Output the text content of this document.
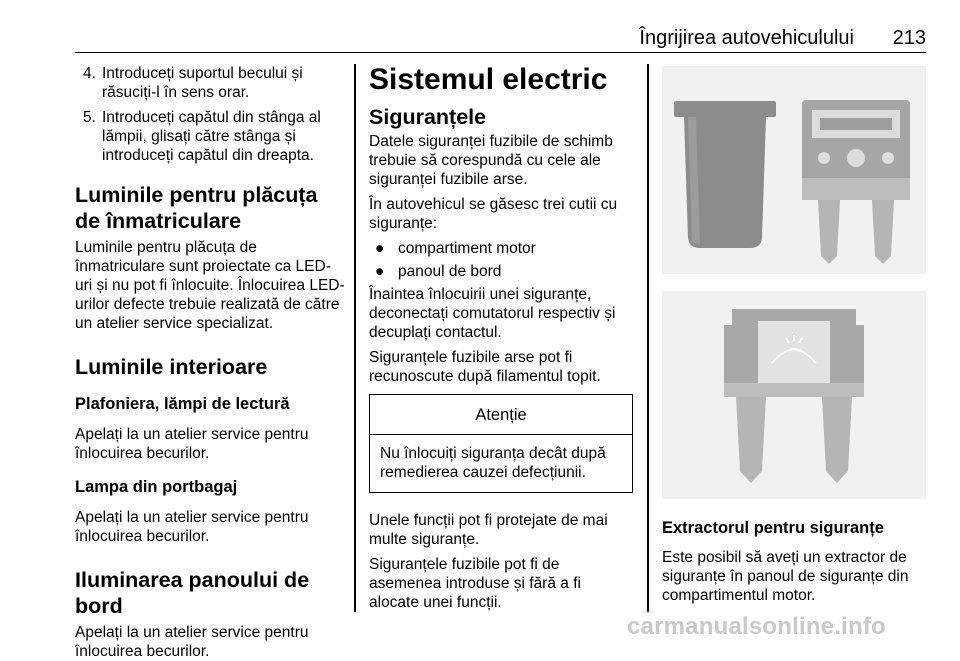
Îngrijirea autovehiculului 213
4. Introduceți suportul becului și răsuciți-l în sens orar.
5. Introduceți capătul din stânga al lămpii, glisați către stânga și introduceți capătul din dreapta.
Luminile pentru plăcuța de înmatriculare

Luminile pentru plăcuța de înmatriculare sunt proiectate ca LED-uri și nu pot fi înlocuite. Înlocuirea LED-urilor defecte trebuie realizată de către un atelier service specializat.

Luminile interioare
Plafoniera, lămpi de lectură

Apelați la un atelier service pentru înlocuirea becurilor.

Lampa din portbagaj

Apelați la un atelier service pentru înlocuirea becurilor.

Iluminarea panoului de bord

Apelați la un atelier service pentru înlocuirea becurilor.

Sistemul electric
Siguranțele

Datele siguranței fuzibile de schimb trebuie să corespundă cu cele ale siguranței fuzibile arse.

În autovehicul se găsesc trei cutii cu siguranțe:

● compartiment motor
● panoul de bord

Înaintea înlocuirii unei siguranțe, deconectați comutatorul respectiv și decuplați contactul.

Siguranțele fuzibile arse pot fi recunoscute după filamentul topit.

Atenție
Nu înlocuiți siguranța decât după remedierea cauzei defecțiunii.

Unele funcții pot fi protejate de mai multe siguranțe.

Siguranțele fuzibile pot fi de asemenea introduse și fără a fi alocate unei funcții.

Extractorul pentru siguranțe

Este posibil să aveți un extractor de siguranțe în panoul de siguranțe din compartimentul motor.

carmanualsonline.info
